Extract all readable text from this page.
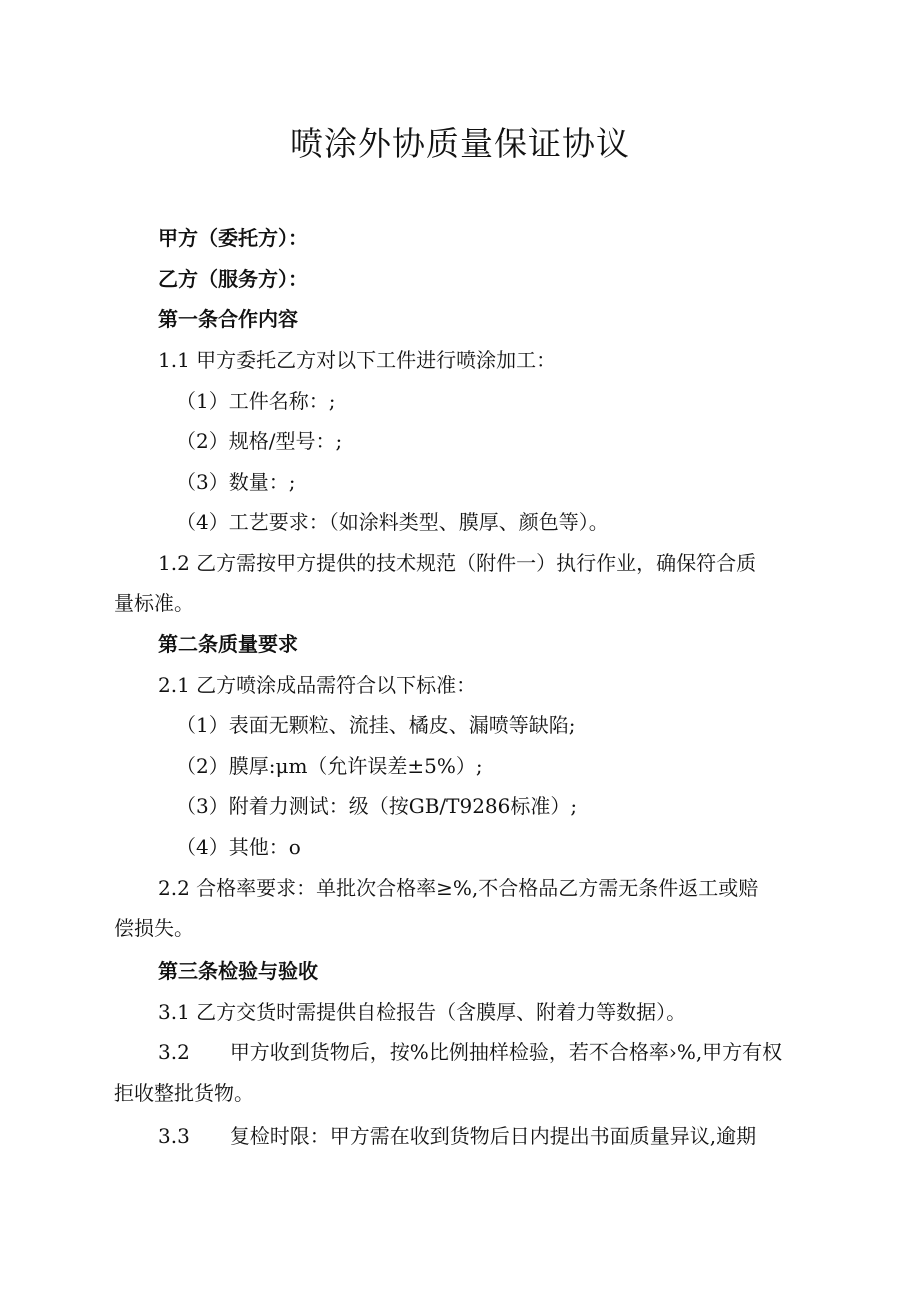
喷涂外协质量保证协议
甲方（委托方）：
乙方（服务方）：
第一条合作内容
1.1 甲方委托乙方对以下工件进行喷涂加工：
（1）工件名称：;
（2）规格/型号：;
（3）数量：;
（4）工艺要求：（如涂料类型、膜厚、颜色等）。
1.2 乙方需按甲方提供的技术规范（附件一）执行作业，确保符合质
量标准。
第二条质量要求
2.1 乙方喷涂成品需符合以下标准：
（1）表面无颗粒、流挂、橘皮、漏喷等缺陷;
（2）膜厚:μm（允许误差±5%）;
（3）附着力测试：级（按GB/T9286标准）;
（4）其他：o
2.2 合格率要求：单批次合格率≥%,不合格品乙方需无条件返工或赔
偿损失。
第三条检验与验收
3.1 乙方交货时需提供自检报告（含膜厚、附着力等数据）。
3.2 甲方收到货物后，按%比例抽样检验，若不合格率›%,甲方有权
拒收整批货物。
3.3 复检时限：甲方需在收到货物后日内提出书面质量异议,逾期
